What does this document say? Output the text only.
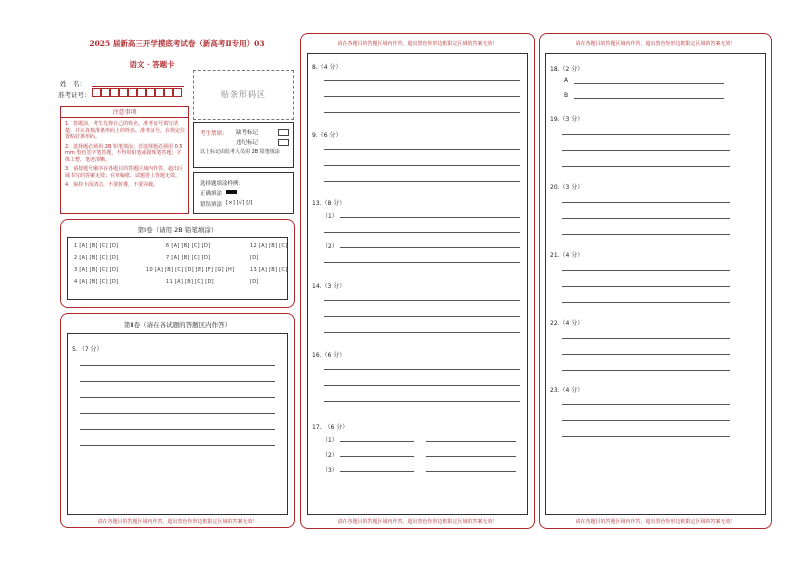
2025 届新高三开学摸底考试卷（新高考Ⅱ专用）03
语文 · 答题卡
姓　名：
准考证号：	贴条形码区
注意事项
1．答题前，考生先将自己的姓名，准考证号填写清楚，并认真核准条形码上的姓名、准考证号，在规定位置贴好条形码。
2．选择题必须用 2B 铅笔填涂；非选择题必须用 0.5 mm 黑色签字笔答题，不得用铅笔或圆珠笔答题；字体工整、笔迹清晰。
3．请按题号顺序在各题目的答题区域内作答，超出区域书写的答案无效；在草稿纸、试题卷上答题无效。
4．保持卡面清洁，不要折叠，不要弄破。
考生禁填： 缺考标记
违纪标记
以上标记由监考人员用 2B 铅笔填涂
选择题填涂样例：
正确填涂
错误填涂 [×] [√] [/]
第Ⅰ卷（请用 2B 铅笔填涂）
1 [A] [B] [C] [D]
2 [A] [B] [C] [D]
3 [A] [B] [C] [D]
4 [A] [B] [C] [D]
6 [A] [B] [C] [D]
7 [A] [B] [C] [D]
10 [A] [B] [C] [D] [E] [F] [G] [H]
11 [A] [B] [C] [D]
12 [A] [B] [C]
[D]
13 [A] [B] [C]
[D]
第Ⅱ卷（请在各试题的答题区内作答）
5．（7 分）
请在各题目的答题区域内作答，超出黑色矩形边框限定区域的答案无效！
请在各题目的答题区域内作答，超出黑色矩形边框限定区域的答案无效！
8.（4 分）
9.（6 分）
13.（8 分）
（1）
（2）
14.（3 分）
16.（6 分）
17.　（6 分）
（1）
（2）
（3）
请在各题目的答题区域内作答，超出黑色矩形边框限定区域的答案无效！
请在各题目的答题区域内作答，超出黑色矩形边框限定区域的答案无效！
18.（2 分）
A
B
19.（3 分）
20.（3 分）
21.（4 分）
22.（4 分）
23.（4 分）
请在各题目的答题区域内作答，超出黑色矩形边框限定区域的答案无效！
